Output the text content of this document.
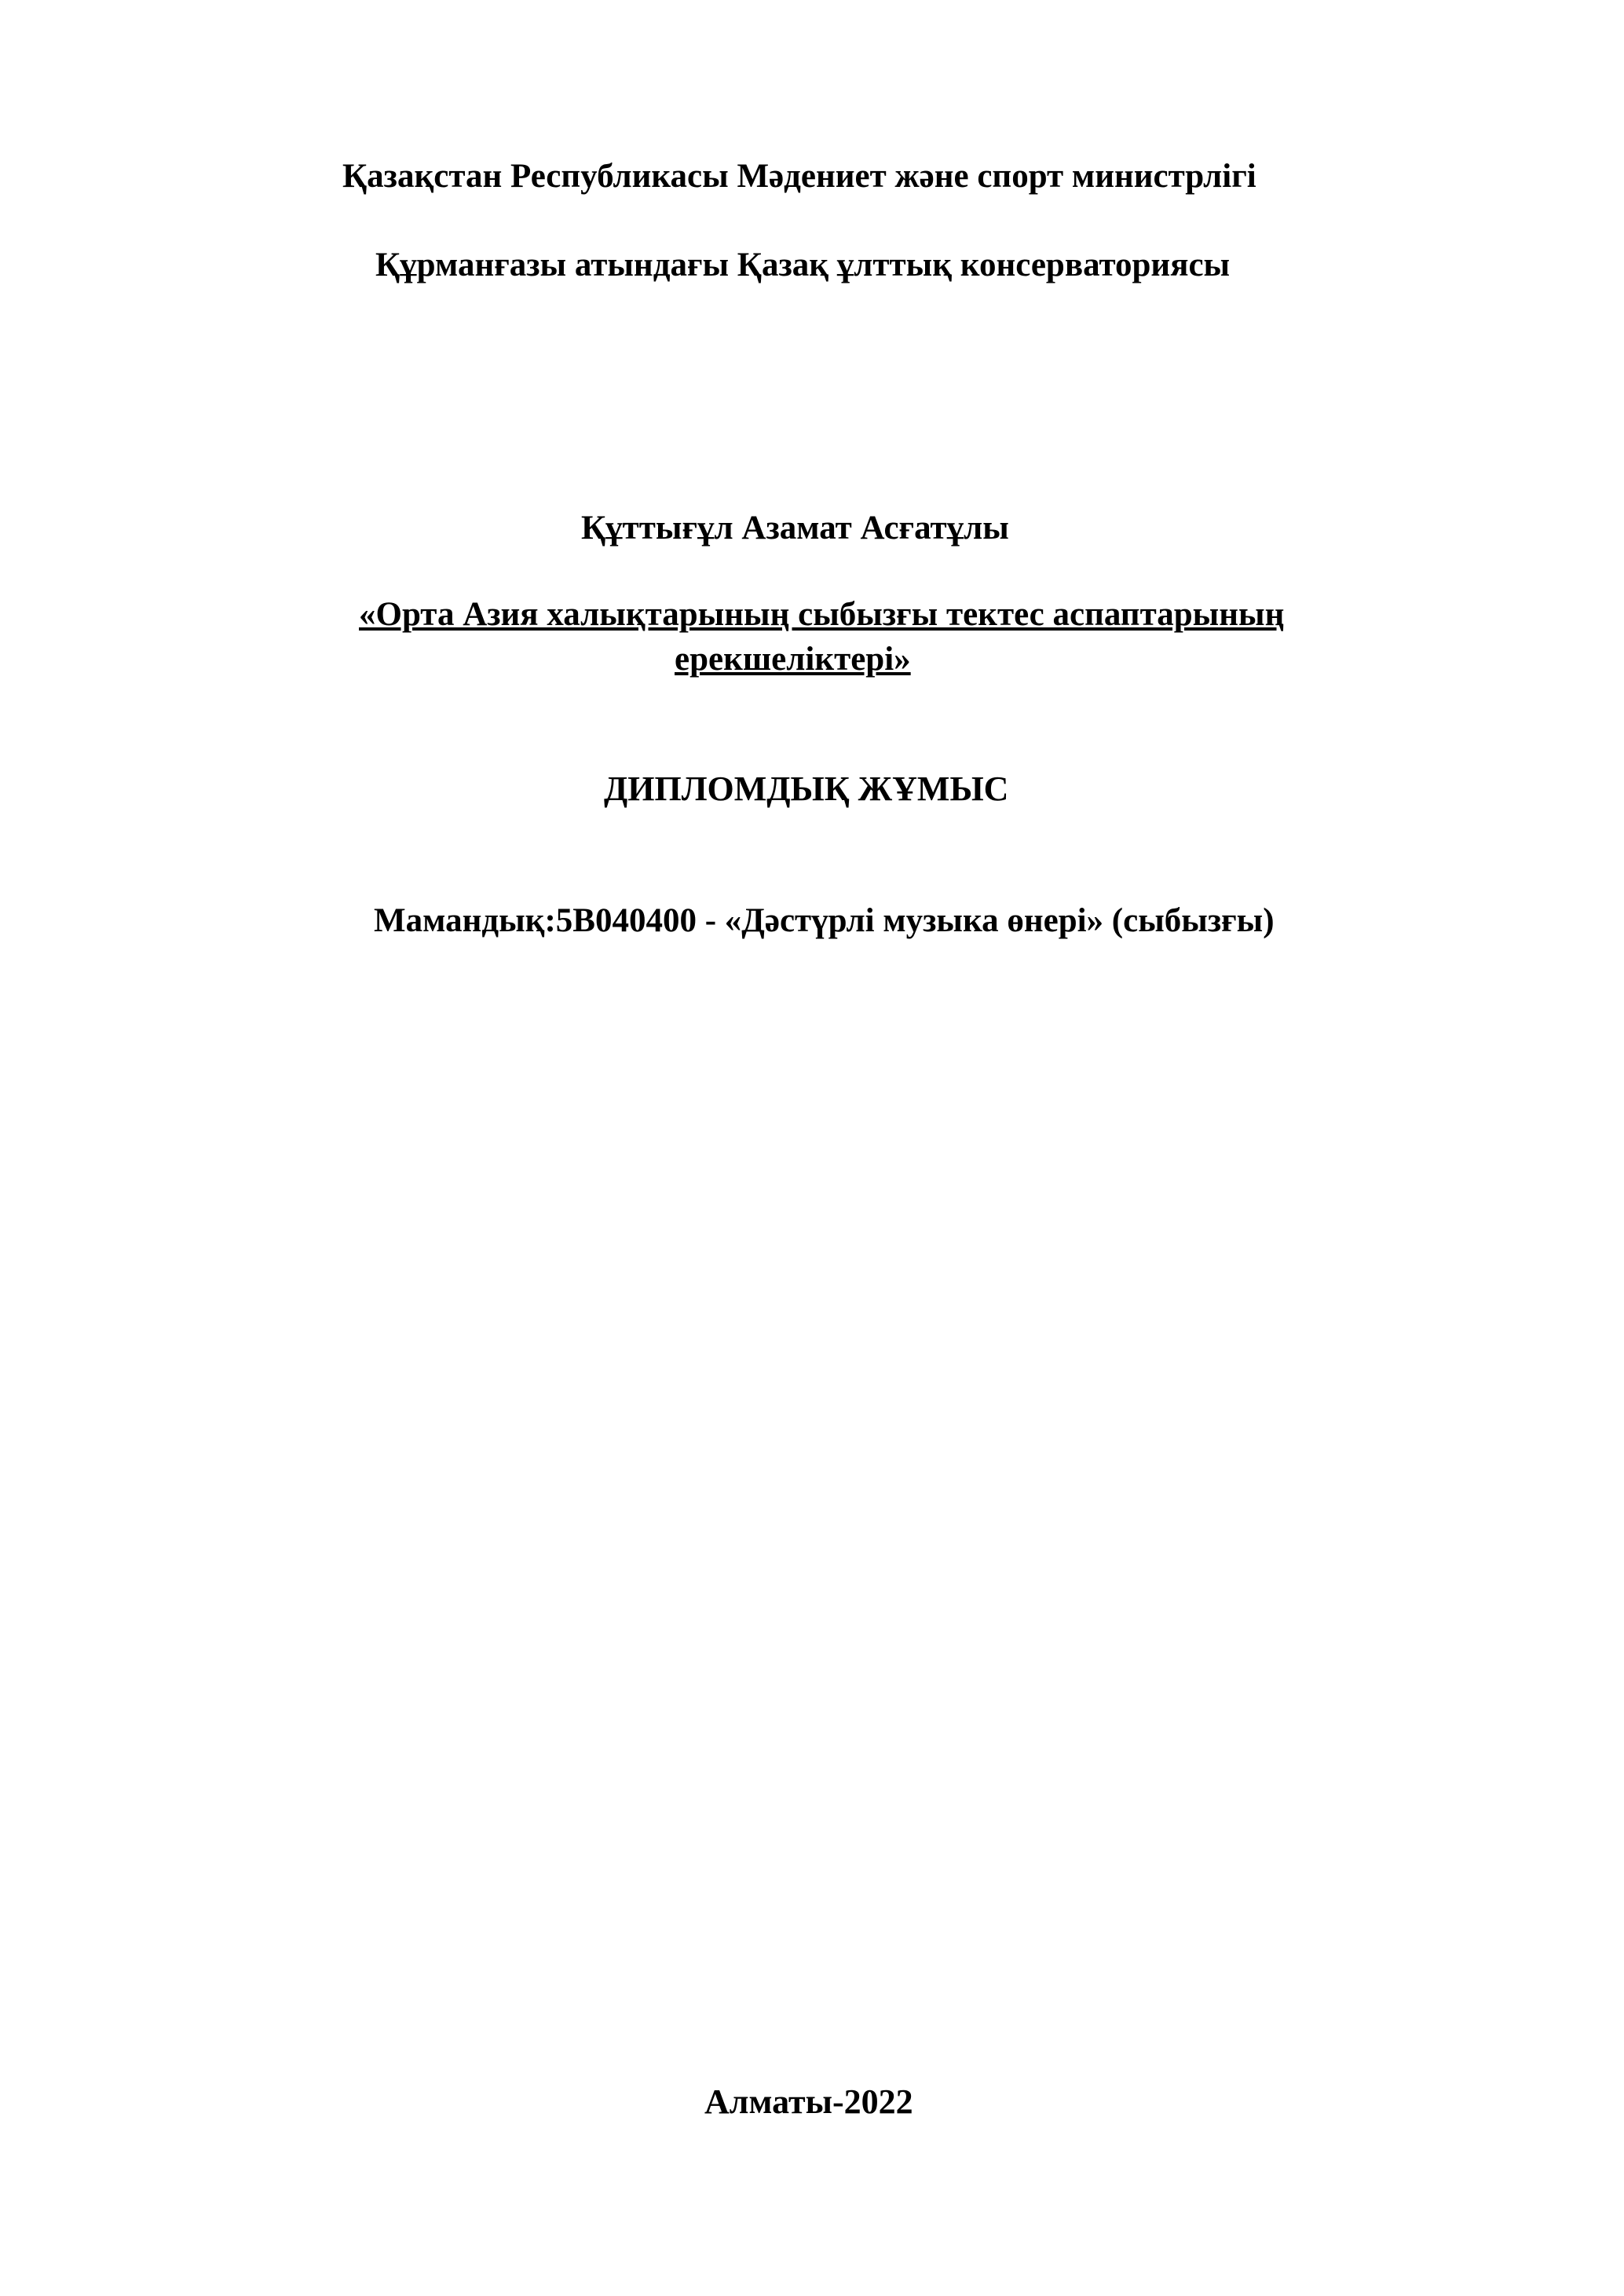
Қазақстан Республикасы Мәдениет және спорт министрлігі
Құрманғазы атындағы Қазақ ұлттық консерваториясы
Құттығұл Азамат Асғатұлы
«Орта Азия халықтарының сыбызғы тектес аспаптарының
ерекшеліктері»
ДИПЛОМДЫҚ ЖҰМЫС
Мамандық:5В040400 - «Дәстүрлі музыка өнері» (сыбызғы)
Алматы-2022
